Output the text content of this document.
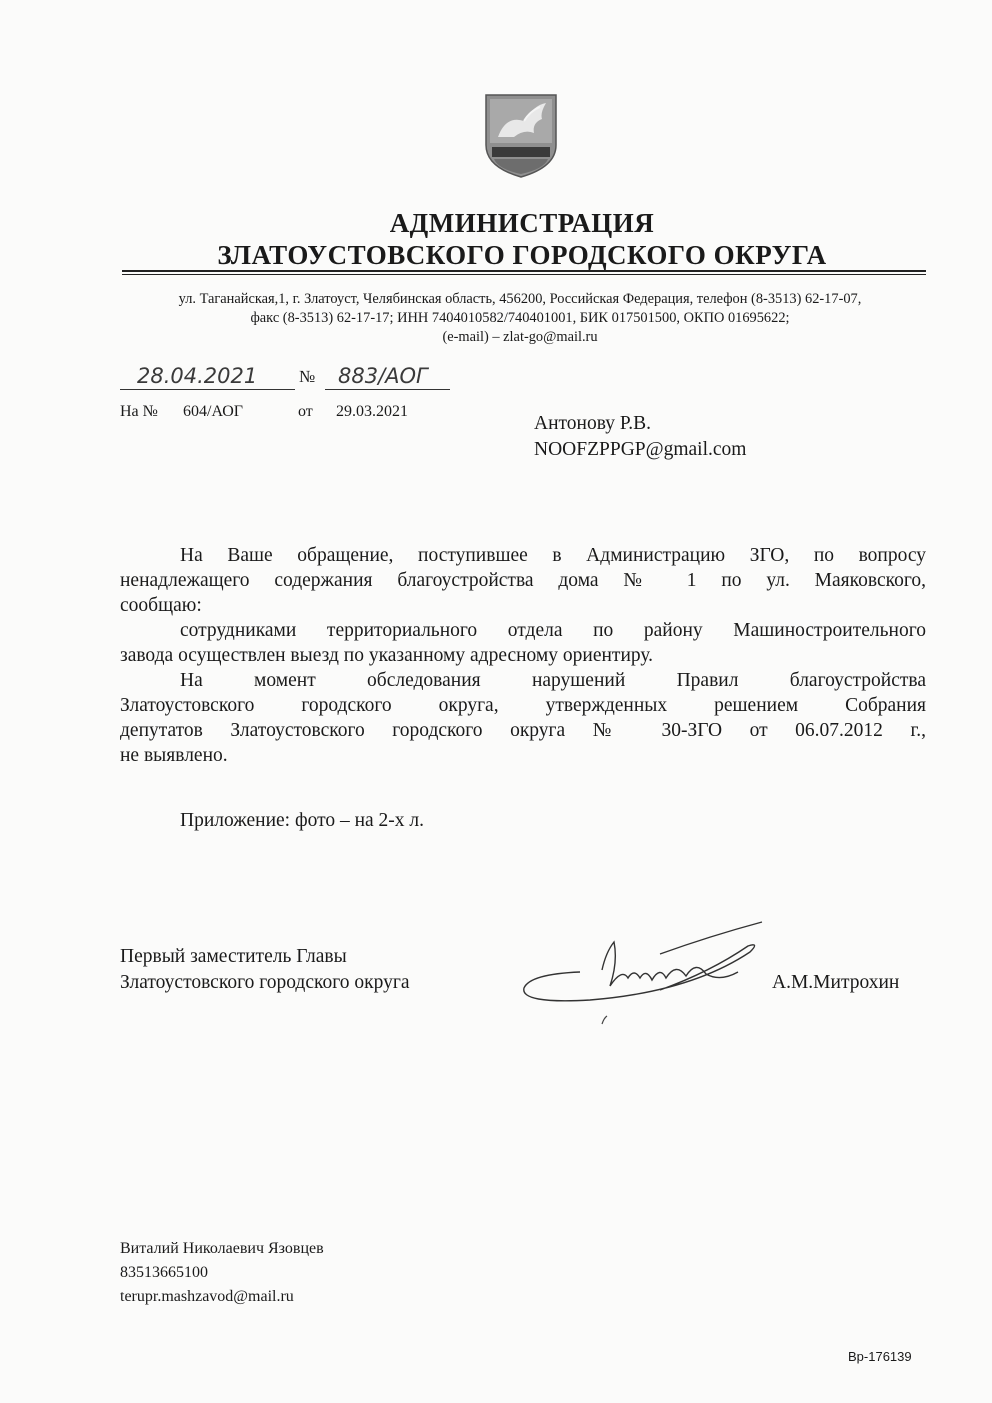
АДМИНИСТРАЦИЯ
ЗЛАТОУСТОВСКОГО ГОРОДСКОГО ОКРУГА
ул. Таганайская,1, г. Златоуст, Челябинская область, 456200, Российская Федерация, телефон (8-3513) 62-17-07,
факс (8-3513) 62-17-17; ИНН 7404010582/740401001, БИК 017501500, ОКПО 01695622;
(e-mail) – zlat-go@mail.ru
28.04.2021 № 883/АОГ
На № 604/АОГ	от 29.03.2021
Антонову Р.В.
NOOFZPPGP@gmail.com

На Ваше обращение, поступившее в Администрацию ЗГО, по вопросу

ненадлежащего содержания благоустройства дома № 1 по ул. Маяковского,

сообщаю:

сотрудниками территориального отдела по району Машиностроительного

завода осуществлен выезд по указанному адресному ориентиру.

На момент обследования нарушений Правил благоустройства

Златоустовского городского округа, утвержденных решением Собрания

депутатов Златоустовского городского округа № 30-ЗГО от 06.07.2012 г.,

не выявлено.

Приложение: фото – на 2-х л.
Первый заместитель Главы
Златоустовского городского округа	А.М.Митрохин
Виталий Николаевич Язовцев
83513665100
terupr.mashzavod@mail.ru
Вр-176139
